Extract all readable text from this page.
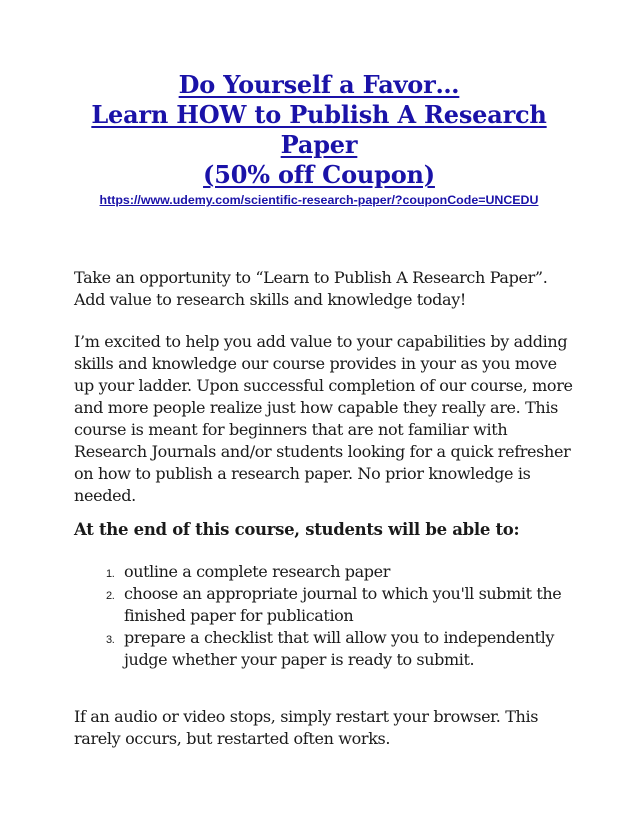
Do Yourself a Favor…
Learn HOW to Publish A Research
Paper
(50% off Coupon)
https://www.udemy.com/scientific-research-paper/?couponCode=UNCEDU

Take an opportunity to “Learn to Publish A Research Paper”. Add value to research skills and knowledge today!

I’m excited to help you add value to your capabilities by adding skills and knowledge our course provides in your as you move up your ladder. Upon successful completion of our course, more and more people realize just how capable they really are. This course is meant for beginners that are not familiar with Research Journals and/or students looking for a quick refresher on how to publish a research paper. No prior knowledge is needed.

At the end of this course, students will be able to:

1. outline a complete research paper
2. choose an appropriate journal to which you'll submit the finished paper for publication
3. prepare a checklist that will allow you to independently judge whether your paper is ready to submit.

If an audio or video stops, simply restart your browser. This rarely occurs, but restarted often works.
